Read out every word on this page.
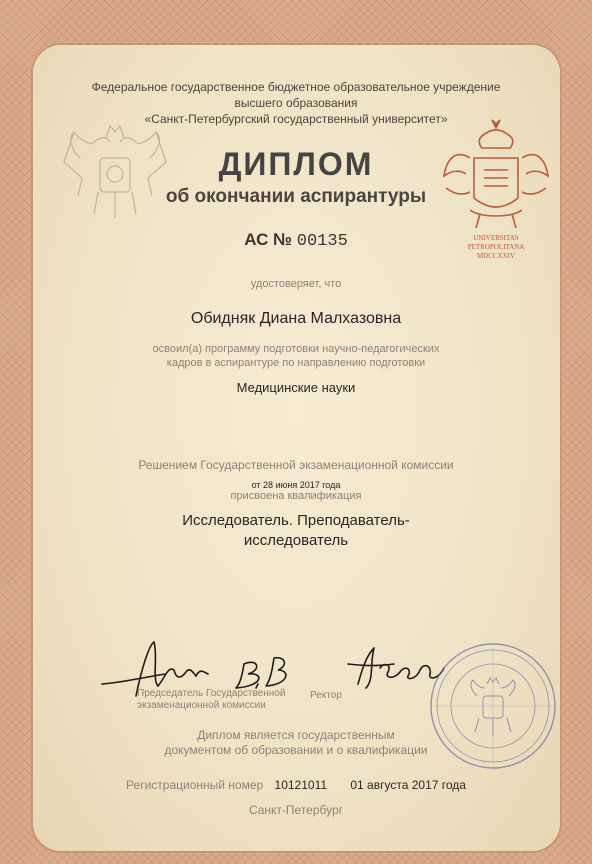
UNIVERSITAS
PETROPOLITANA
MDCCXXIV
Федеральное государственное бюджетное образовательное учреждение
высшего образования
«Санкт-Петербургский государственный университет»
ДИПЛОМ
об окончании аспирантуры
АС № 00135
удостоверяет, что
Обидняк Диана Малхазовна
освоил(а) программу подготовки научно-педагогических
кадров в аспирантуре по направлению подготовки
Медицинские науки
Решением Государственной экзаменационной комиссии
от 28 июня 2017 года
присвоена квалификация
Исследователь. Преподаватель-
исследователь
Председатель Государственной
экзаменационной комиссии
Ректор
Диплом является государственным
документом об образовании и о квалификации
Регистрационный номер 10121011 01 августа 2017 года
Санкт-Петербург
